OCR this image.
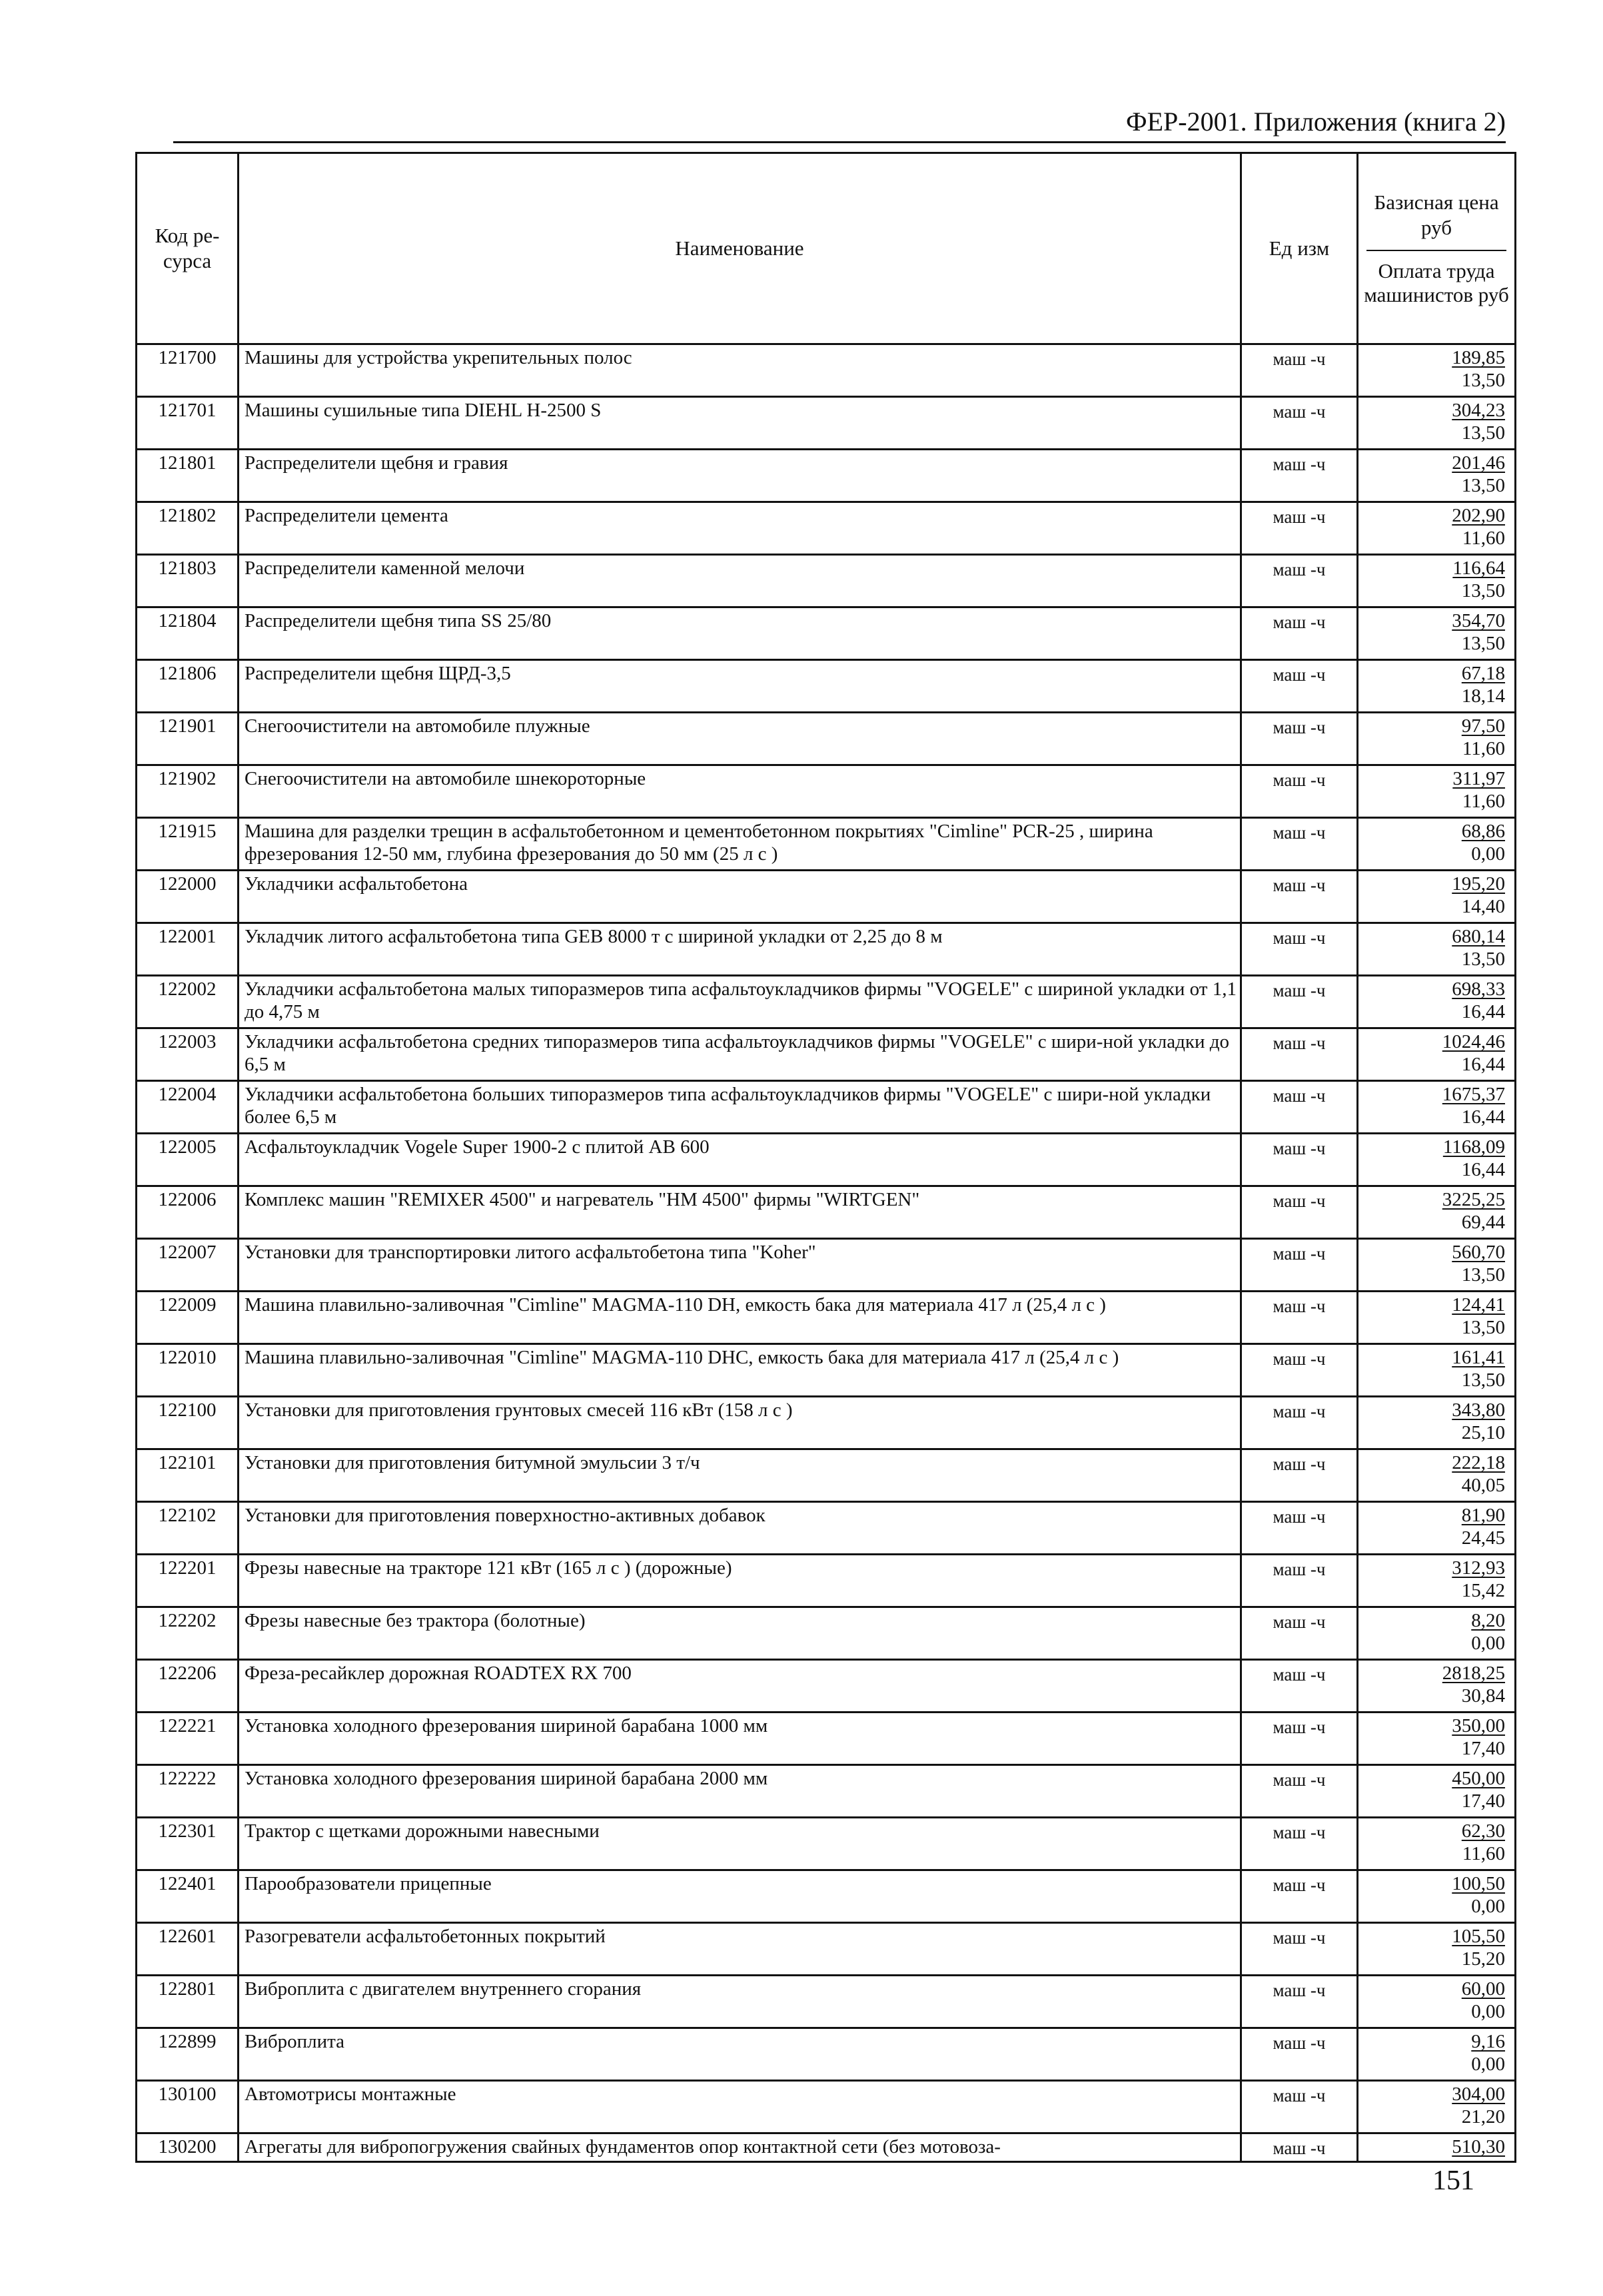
ФЕР-2001. Приложения (книга 2)
Код ре-сурса	Наименование	Ед изм	Базисная цена руб
Оплата труда машинистов руб

121700	Машины для устройства укрепительных полос	маш -ч	189,85
13,50

121701	Машины сушильные типа DIEHL H-2500 S	маш -ч	304,23
13,50

121801	Распределители щебня и гравия	маш -ч	201,46
13,50

121802	Распределители цемента	маш -ч	202,90
11,60

121803	Распределители каменной мелочи	маш -ч	116,64
13,50

121804	Распределители щебня типа SS 25/80	маш -ч	354,70
13,50

121806	Распределители щебня ЩРД-3,5	маш -ч	67,18
18,14

121901	Снегоочистители на автомобиле плужные	маш -ч	97,50
11,60

121902	Снегоочистители на автомобиле шнекороторные	маш -ч	311,97
11,60

121915	Машина для разделки трещин в асфальтобетонном и цементобетонном покрытиях "Cimline" PCR-25 , ширина фрезерования 12-50 мм, глубина фрезерования до 50 мм (25 л с )	маш -ч	68,86
0,00

122000	Укладчики асфальтобетона	маш -ч	195,20
14,40

122001	Укладчик литого асфальтобетона типа GEB 8000 т с шириной укладки от 2,25 до 8 м	маш -ч	680,14
13,50

122002	Укладчики асфальтобетона малых типоразмеров типа асфальтоукладчиков фирмы "VOGELE" с шириной укладки от 1,1 до 4,75 м	маш -ч	698,33
16,44

122003	Укладчики асфальтобетона средних типоразмеров типа асфальтоукладчиков фирмы "VOGELE" с шири-ной укладки до 6,5 м	маш -ч	1024,46
16,44

122004	Укладчики асфальтобетона больших типоразмеров типа асфальтоукладчиков фирмы "VOGELE" с шири-ной укладки более 6,5 м	маш -ч	1675,37
16,44

122005	Асфальтоукладчик Vogele Super 1900-2 с плитой AB 600	маш -ч	1168,09
16,44

122006	Комплекс машин "REMIXER 4500" и нагреватель "HM 4500" фирмы "WIRTGEN"	маш -ч	3225,25
69,44

122007	Установки для транспортировки литого асфальтобетона типа "Koher"	маш -ч	560,70
13,50

122009	Машина плавильно-заливочная "Cimline" MAGMA-110 DH, емкость бака для материала 417 л (25,4 л с )	маш -ч	124,41
13,50

122010	Машина плавильно-заливочная "Cimline" MAGMA-110 DHC, емкость бака для материала 417 л (25,4 л с )	маш -ч	161,41
13,50

122100	Установки для приготовления грунтовых смесей 116 кВт (158 л с )	маш -ч	343,80
25,10

122101	Установки для приготовления битумной эмульсии 3 т/ч	маш -ч	222,18
40,05

122102	Установки для приготовления поверхностно-активных добавок	маш -ч	81,90
24,45

122201	Фрезы навесные на тракторе 121 кВт (165 л с ) (дорожные)	маш -ч	312,93
15,42

122202	Фрезы навесные без трактора (болотные)	маш -ч	8,20
0,00

122206	Фреза-ресайклер дорожная ROADTEX RX 700	маш -ч	2818,25
30,84

122221	Установка холодного фрезерования шириной барабана 1000 мм	маш -ч	350,00
17,40

122222	Установка холодного фрезерования шириной барабана 2000 мм	маш -ч	450,00
17,40

122301	Трактор с щетками дорожными навесными	маш -ч	62,30
11,60

122401	Парообразователи прицепные	маш -ч	100,50
0,00

122601	Разогреватели асфальтобетонных покрытий	маш -ч	105,50
15,20

122801	Виброплита с двигателем внутреннего сгорания	маш -ч	60,00
0,00

122899	Виброплита	маш -ч	9,16
0,00

130100	Автомотрисы монтажные	маш -ч	304,00
21,20

130200	Агрегаты для вибропогружения свайных фундаментов опор контактной сети (без мотовоза-	маш -ч	510,30
151
